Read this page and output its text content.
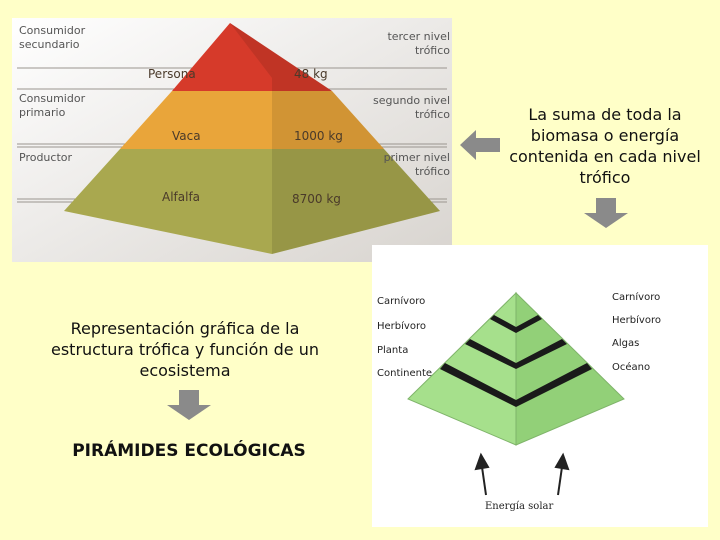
Consumidor
secundario
Consumidor
primario
Productor
tercer nivel
trófico
segundo nivel
trófico
primer nivel
trófico
Persona	48 kg
Vaca	1000 kg
Alfalfa	8700 kg
La suma de toda la biomasa o energía contenida en cada nivel trófico
Representación gráfica de la estructura trófica y función de un ecosistema
PIRÁMIDES ECOLÓGICAS
Carnívoro
Herbívoro
Planta
Continente
Carnívoro
Herbívoro
Algas
Océano
Energía solar
